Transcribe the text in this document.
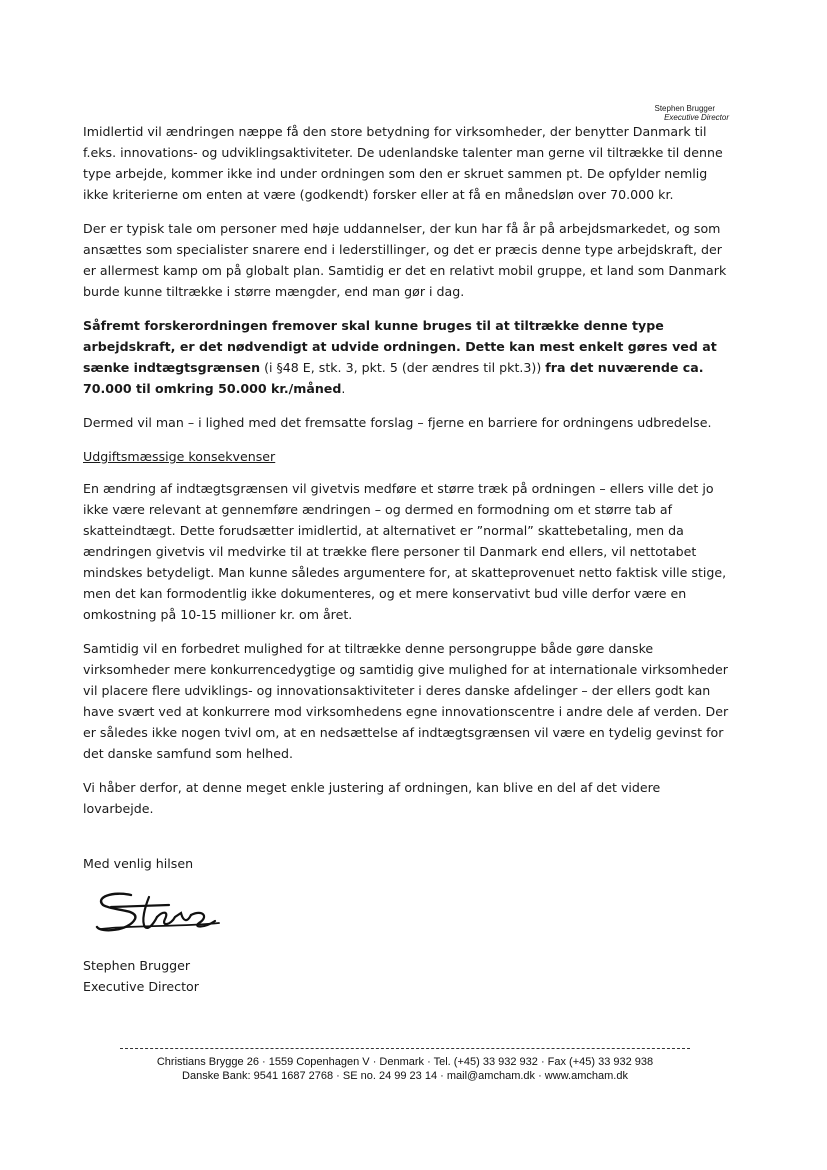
Stephen Brugger
Executive Director

Imidlertid vil ændringen næppe få den store betydning for virksomheder, der benytter Danmark til f.eks. innovations- og udviklingsaktiviteter. De udenlandske talenter man gerne vil tiltrække til denne type arbejde, kommer ikke ind under ordningen som den er skruet sammen pt. De opfylder nemlig ikke kriterierne om enten at være (godkendt) forsker eller at få en månedsløn over 70.000 kr.

Der er typisk tale om personer med høje uddannelser, der kun har få år på arbejdsmarkedet, og som ansættes som specialister snarere end i lederstillinger, og det er præcis denne type arbejdskraft, der er allermest kamp om på globalt plan. Samtidig er det en relativt mobil gruppe, et land som Danmark burde kunne tiltrække i større mængder, end man gør i dag.

Såfremt forskerordningen fremover skal kunne bruges til at tiltrække denne type arbejdskraft, er det nødvendigt at udvide ordningen. Dette kan mest enkelt gøres ved at sænke indtægtsgrænsen (i §48 E, stk. 3, pkt. 5 (der ændres til pkt.3)) fra det nuværende ca. 70.000 til omkring 50.000 kr./måned.

Dermed vil man – i lighed med det fremsatte forslag – fjerne en barriere for ordningens udbredelse.

Udgiftsmæssige konsekvenser

En ændring af indtægtsgrænsen vil givetvis medføre et større træk på ordningen – ellers ville det jo ikke være relevant at gennemføre ændringen – og dermed en formodning om et større tab af skatteindtægt. Dette forudsætter imidlertid, at alternativet er ”normal” skattebetaling, men da ændringen givetvis vil medvirke til at trække flere personer til Danmark end ellers, vil nettotabet mindskes betydeligt. Man kunne således argumentere for, at skatteprovenuet netto faktisk ville stige, men det kan formodentlig ikke dokumenteres, og et mere konservativt bud ville derfor være en omkostning på 10-15 millioner kr. om året.

Samtidig vil en forbedret mulighed for at tiltrække denne persongruppe både gøre danske virksomheder mere konkurrencedygtige og samtidig give mulighed for at internationale virksomheder vil placere flere udviklings- og innovationsaktiviteter i deres danske afdelinger – der ellers godt kan have svært ved at konkurrere mod virksomhedens egne innovationscentre i andre dele af verden. Der er således ikke nogen tvivl om, at en nedsættelse af indtægtsgrænsen vil være en tydelig gevinst for det danske samfund som helhed.

Vi håber derfor, at denne meget enkle justering af ordningen, kan blive en del af det videre lovarbejde.

Med venlig hilsen

Stephen Brugger
Executive Director
Christians Brygge 26 · 1559 Copenhagen V · Denmark · Tel. (+45) 33 932 932 · Fax (+45) 33 932 938
Danske Bank: 9541 1687 2768 · SE no. 24 99 23 14 · mail@amcham.dk · www.amcham.dk
